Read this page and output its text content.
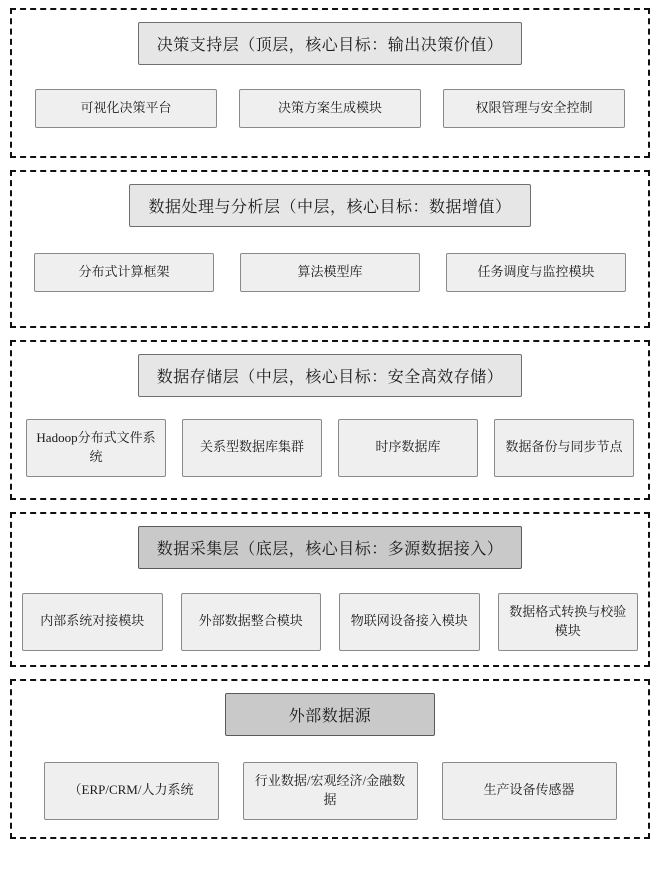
决策支持层（顶层，核心目标：输出决策价值）
可视化决策平台	决策方案生成模块	权限管理与安全控制
数据处理与分析层（中层，核心目标：数据增值）
分布式计算框架	算法模型库	任务调度与监控模块
数据存储层（中层，核心目标：安全高效存储）
Hadoop分布式文件系统
关系型数据库集群	时序数据库	数据备份与同步节点
数据采集层（底层，核心目标：多源数据接入）
内部系统对接模块	外部数据整合模块	物联网设备接入模块
数据格式转换与校验模块
外部数据源
（ERP/CRM/人力系统
行业数据/宏观经济/金融数据
生产设备传感器
